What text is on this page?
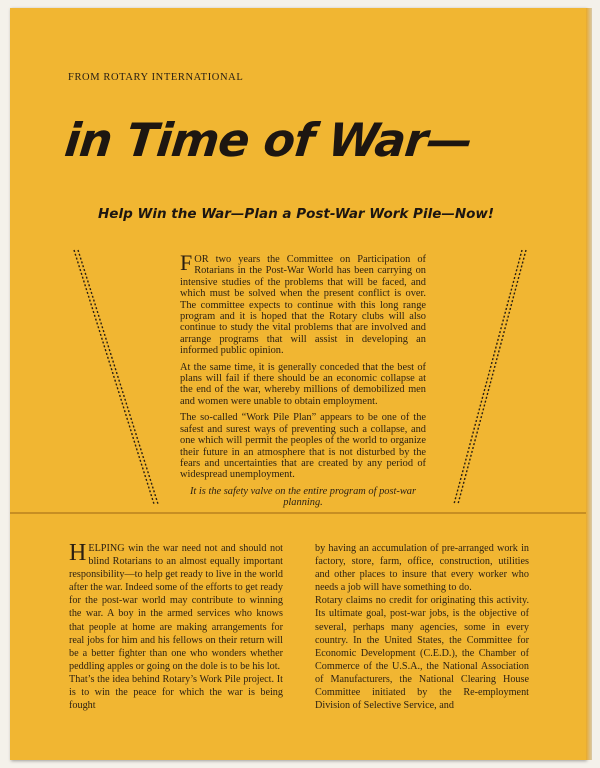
FROM ROTARY INTERNATIONAL
in Time of War—
Help Win the War—Plan a Post-War Work Pile—Now!

FOR two years the Committee on Participation of Rotarians in the Post-War World has been carrying on intensive studies of the problems that will be faced, and which must be solved when the present conflict is over. The committee expects to continue with this long range program and it is hoped that the Rotary clubs will also continue to study the vital problems that are involved and arrange programs that will assist in developing an informed public opinion.

At the same time, it is generally conceded that the best of plans will fail if there should be an economic collapse at the end of the war, whereby millions of demobilized men and women were unable to obtain employment.

The so-called “Work Pile Plan” appears to be one of the safest and surest ways of preventing such a collapse, and one which will permit the peoples of the world to organize their future in an atmosphere that is not disturbed by the fears and uncertainties that are created by any period of widespread unemployment.

It is the safety valve on the entire program of post-war planning.

HELPING win the war need not and should not blind Rotarians to an almost equally important responsibility—to help get ready to live in the world after the war. Indeed some of the efforts to get ready for the post-war world may contribute to winning the war. A boy in the armed services who knows that people at home are making arrangements for real jobs for him and his fellows on their return will be a better fighter than one who wonders whether peddling apples or going on the dole is to be his lot.

That’s the idea behind Rotary’s Work Pile project. It is to win the peace for which the war is being fought

by having an accumulation of pre-arranged work in factory, store, farm, office, construction, utilities and other places to insure that every worker who needs a job will have something to do.

Rotary claims no credit for originating this activity. Its ultimate goal, post-war jobs, is the objective of several, perhaps many agencies, some in every country. In the United States, the Committee for Economic Development (C.E.D.), the Chamber of Commerce of the U.S.A., the National Association of Manufacturers, the National Clearing House Committee initiated by the Re-employment Division of Selective Service, and
